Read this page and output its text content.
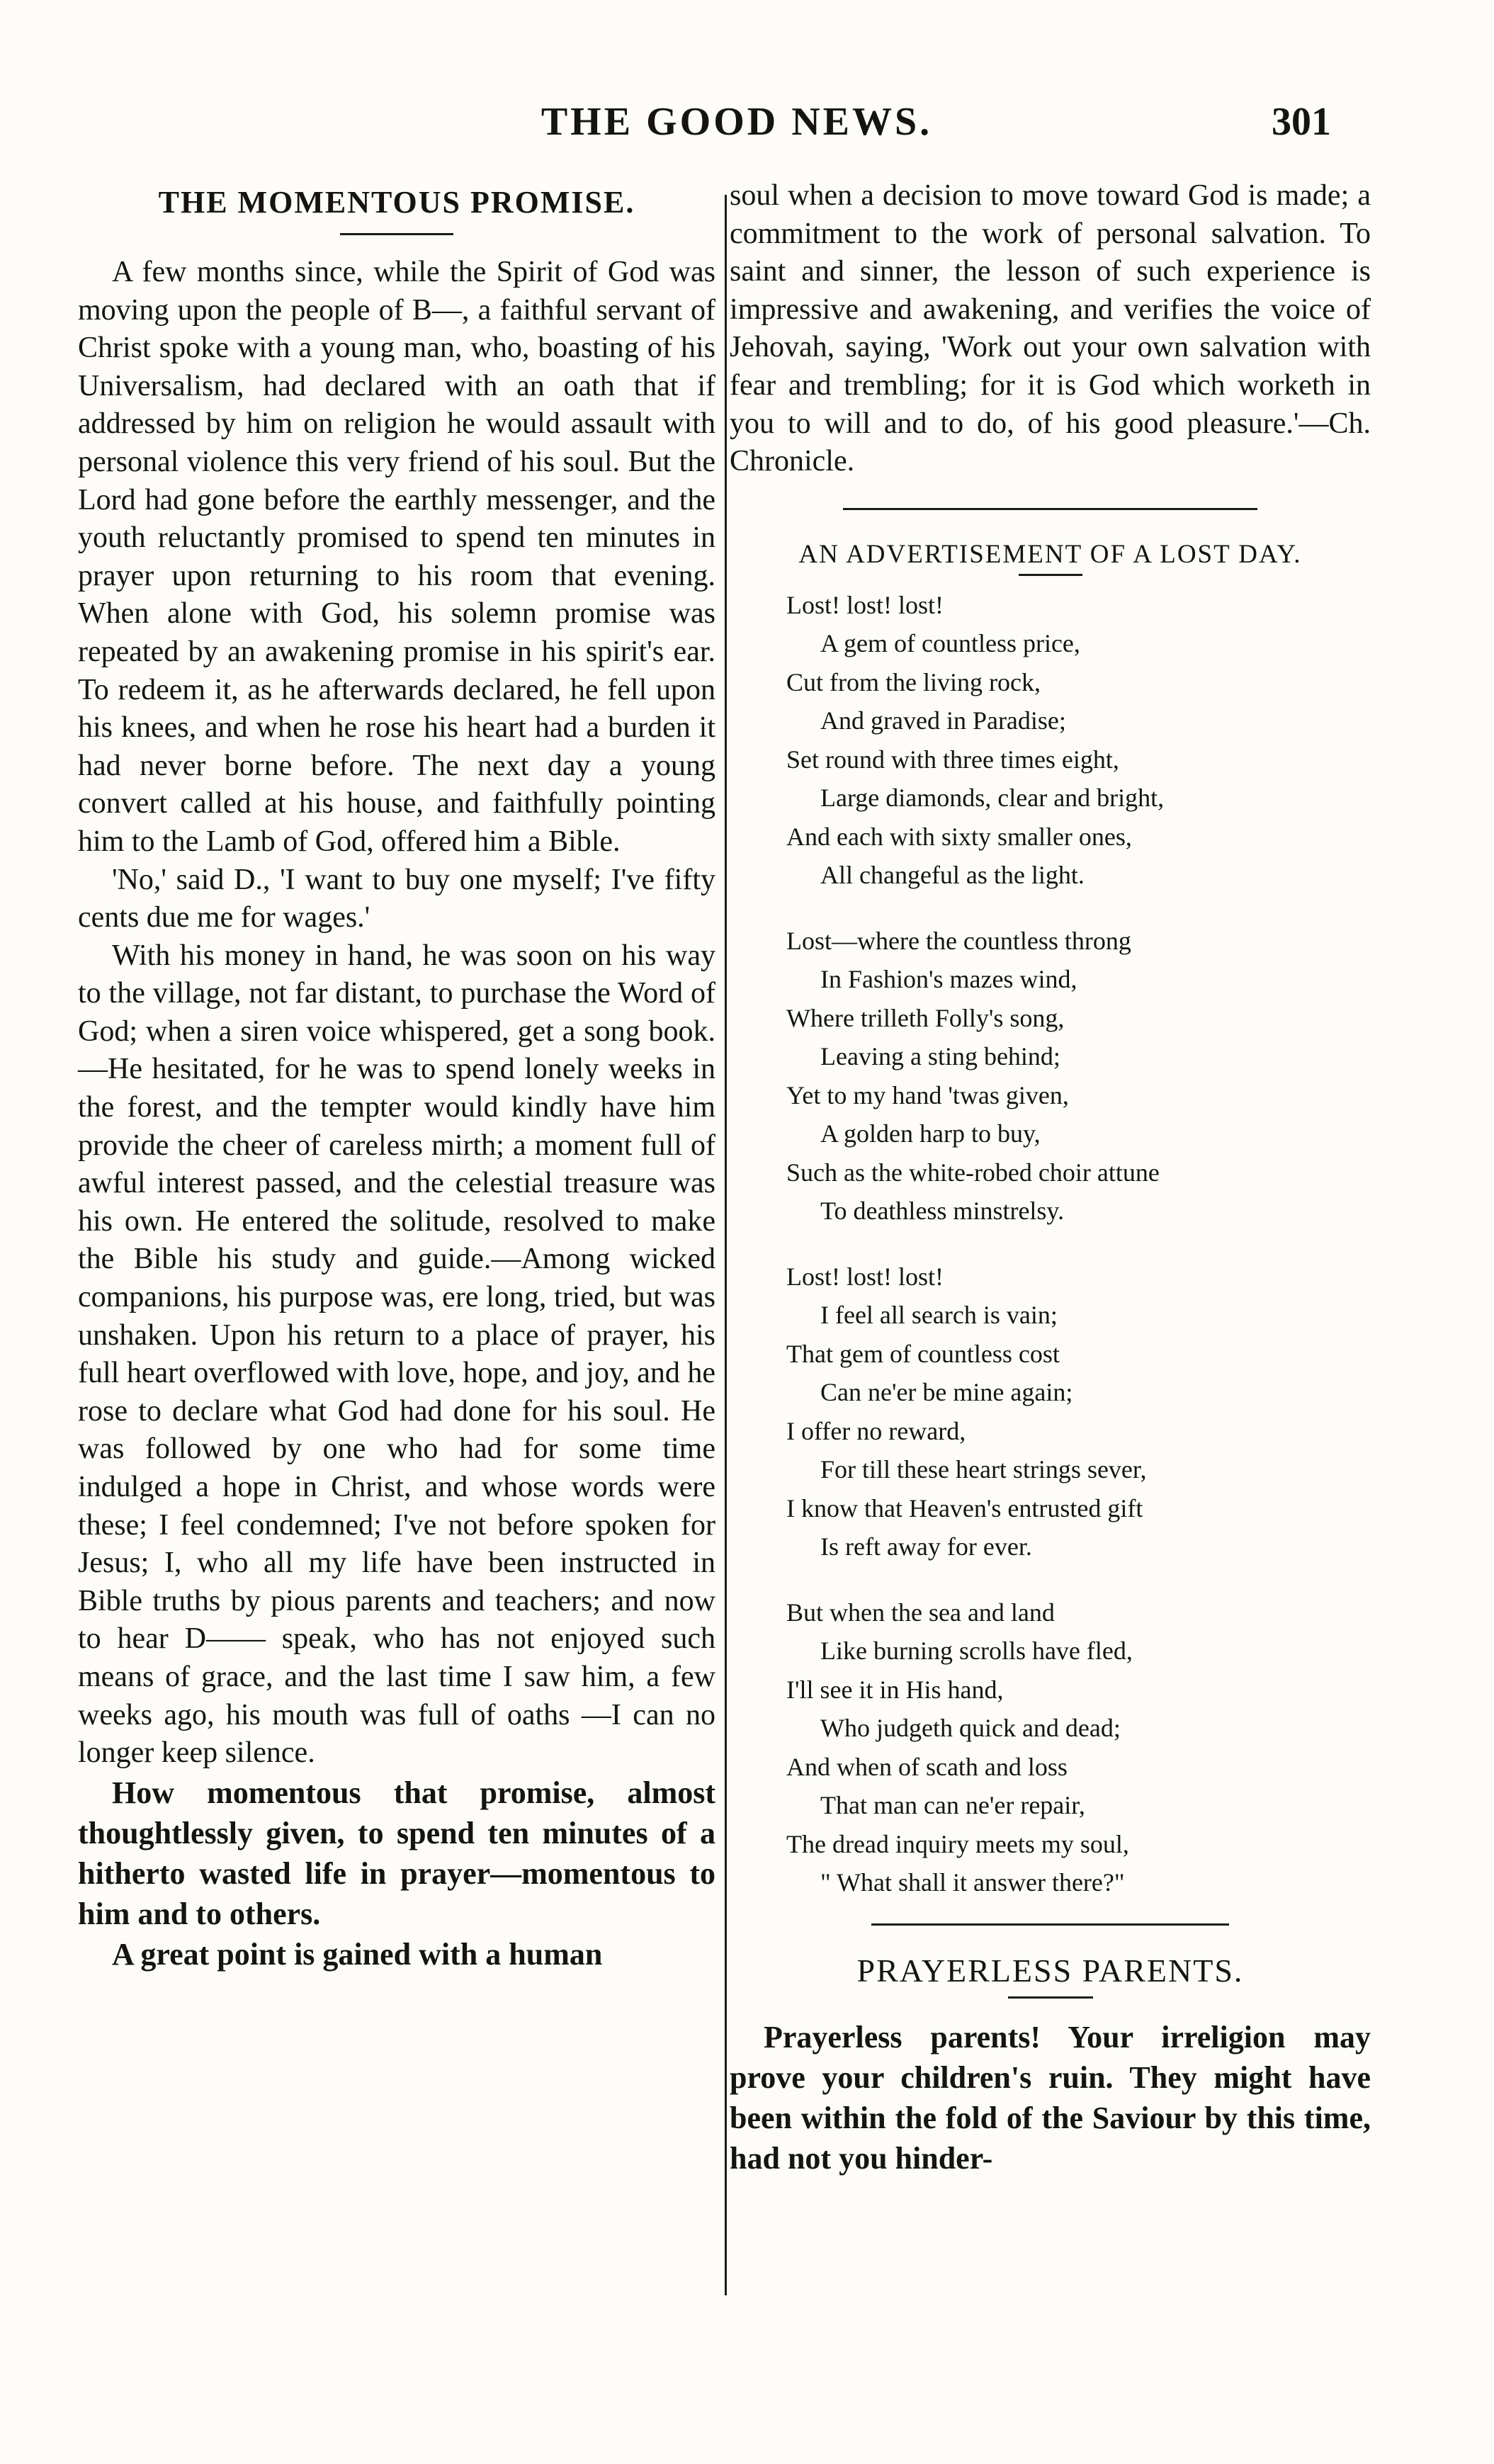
THE GOOD NEWS.	301
THE MOMENTOUS PROMISE.

A few months since, while the Spirit of God was moving upon the people of B—, a faithful servant of Christ spoke with a young man, who, boasting of his Universalism, had declared with an oath that if addressed by him on religion he would assault with personal violence this very friend of his soul. But the Lord had gone before the earthly messenger, and the youth reluctantly promised to spend ten minutes in prayer upon returning to his room that evening. When alone with God, his solemn promise was repeated by an awakening promise in his spirit's ear. To redeem it, as he afterwards declared, he fell upon his knees, and when he rose his heart had a burden it had never borne before. The next day a young convert called at his house, and faithfully pointing him to the Lamb of God, offered him a Bible.

'No,' said D., 'I want to buy one myself; I've fifty cents due me for wages.'

With his money in hand, he was soon on his way to the village, not far distant, to purchase the Word of God; when a siren voice whispered, get a song book.—He hesitated, for he was to spend lonely weeks in the forest, and the tempter would kindly have him provide the cheer of careless mirth; a moment full of awful interest passed, and the celestial treasure was his own. He entered the solitude, resolved to make the Bible his study and guide.—Among wicked companions, his purpose was, ere long, tried, but was unshaken. Upon his return to a place of prayer, his full heart overflowed with love, hope, and joy, and he rose to declare what God had done for his soul. He was followed by one who had for some time indulged a hope in Christ, and whose words were these; I feel condemned; I've not before spoken for Jesus; I, who all my life have been instructed in Bible truths by pious parents and teachers; and now to hear D—— speak, who has not enjoyed such means of grace, and the last time I saw him, a few weeks ago, his mouth was full of oaths —I can no longer keep silence.

How momentous that promise, almost thoughtlessly given, to spend ten minutes of a hitherto wasted life in prayer—momentous to him and to others.

A great point is gained with a human

soul when a decision to move toward God is made; a commitment to the work of personal salvation. To saint and sinner, the lesson of such experience is impressive and awakening, and verifies the voice of Jehovah, saying, 'Work out your own salvation with fear and trembling; for it is God which worketh in you to will and to do, of his good pleasure.'—Ch. Chronicle.

AN ADVERTISEMENT OF A LOST DAY.
Lost! lost! lost!
A gem of countless price,
Cut from the living rock,
And graved in Paradise;
Set round with three times eight,
Large diamonds, clear and bright,
And each with sixty smaller ones,
All changeful as the light.
Lost—where the countless throng
In Fashion's mazes wind,
Where trilleth Folly's song,
Leaving a sting behind;
Yet to my hand 'twas given,
A golden harp to buy,
Such as the white-robed choir attune
To deathless minstrelsy.
Lost! lost! lost!
I feel all search is vain;
That gem of countless cost
Can ne'er be mine again;
I offer no reward,
For till these heart strings sever,
I know that Heaven's entrusted gift
Is reft away for ever.
But when the sea and land
Like burning scrolls have fled,
I'll see it in His hand,
Who judgeth quick and dead;
And when of scath and loss
That man can ne'er repair,
The dread inquiry meets my soul,
" What shall it answer there?"
PRAYERLESS PARENTS.

Prayerless parents! Your irreligion may prove your children's ruin. They might have been within the fold of the Saviour by this time, had not you hinder-
